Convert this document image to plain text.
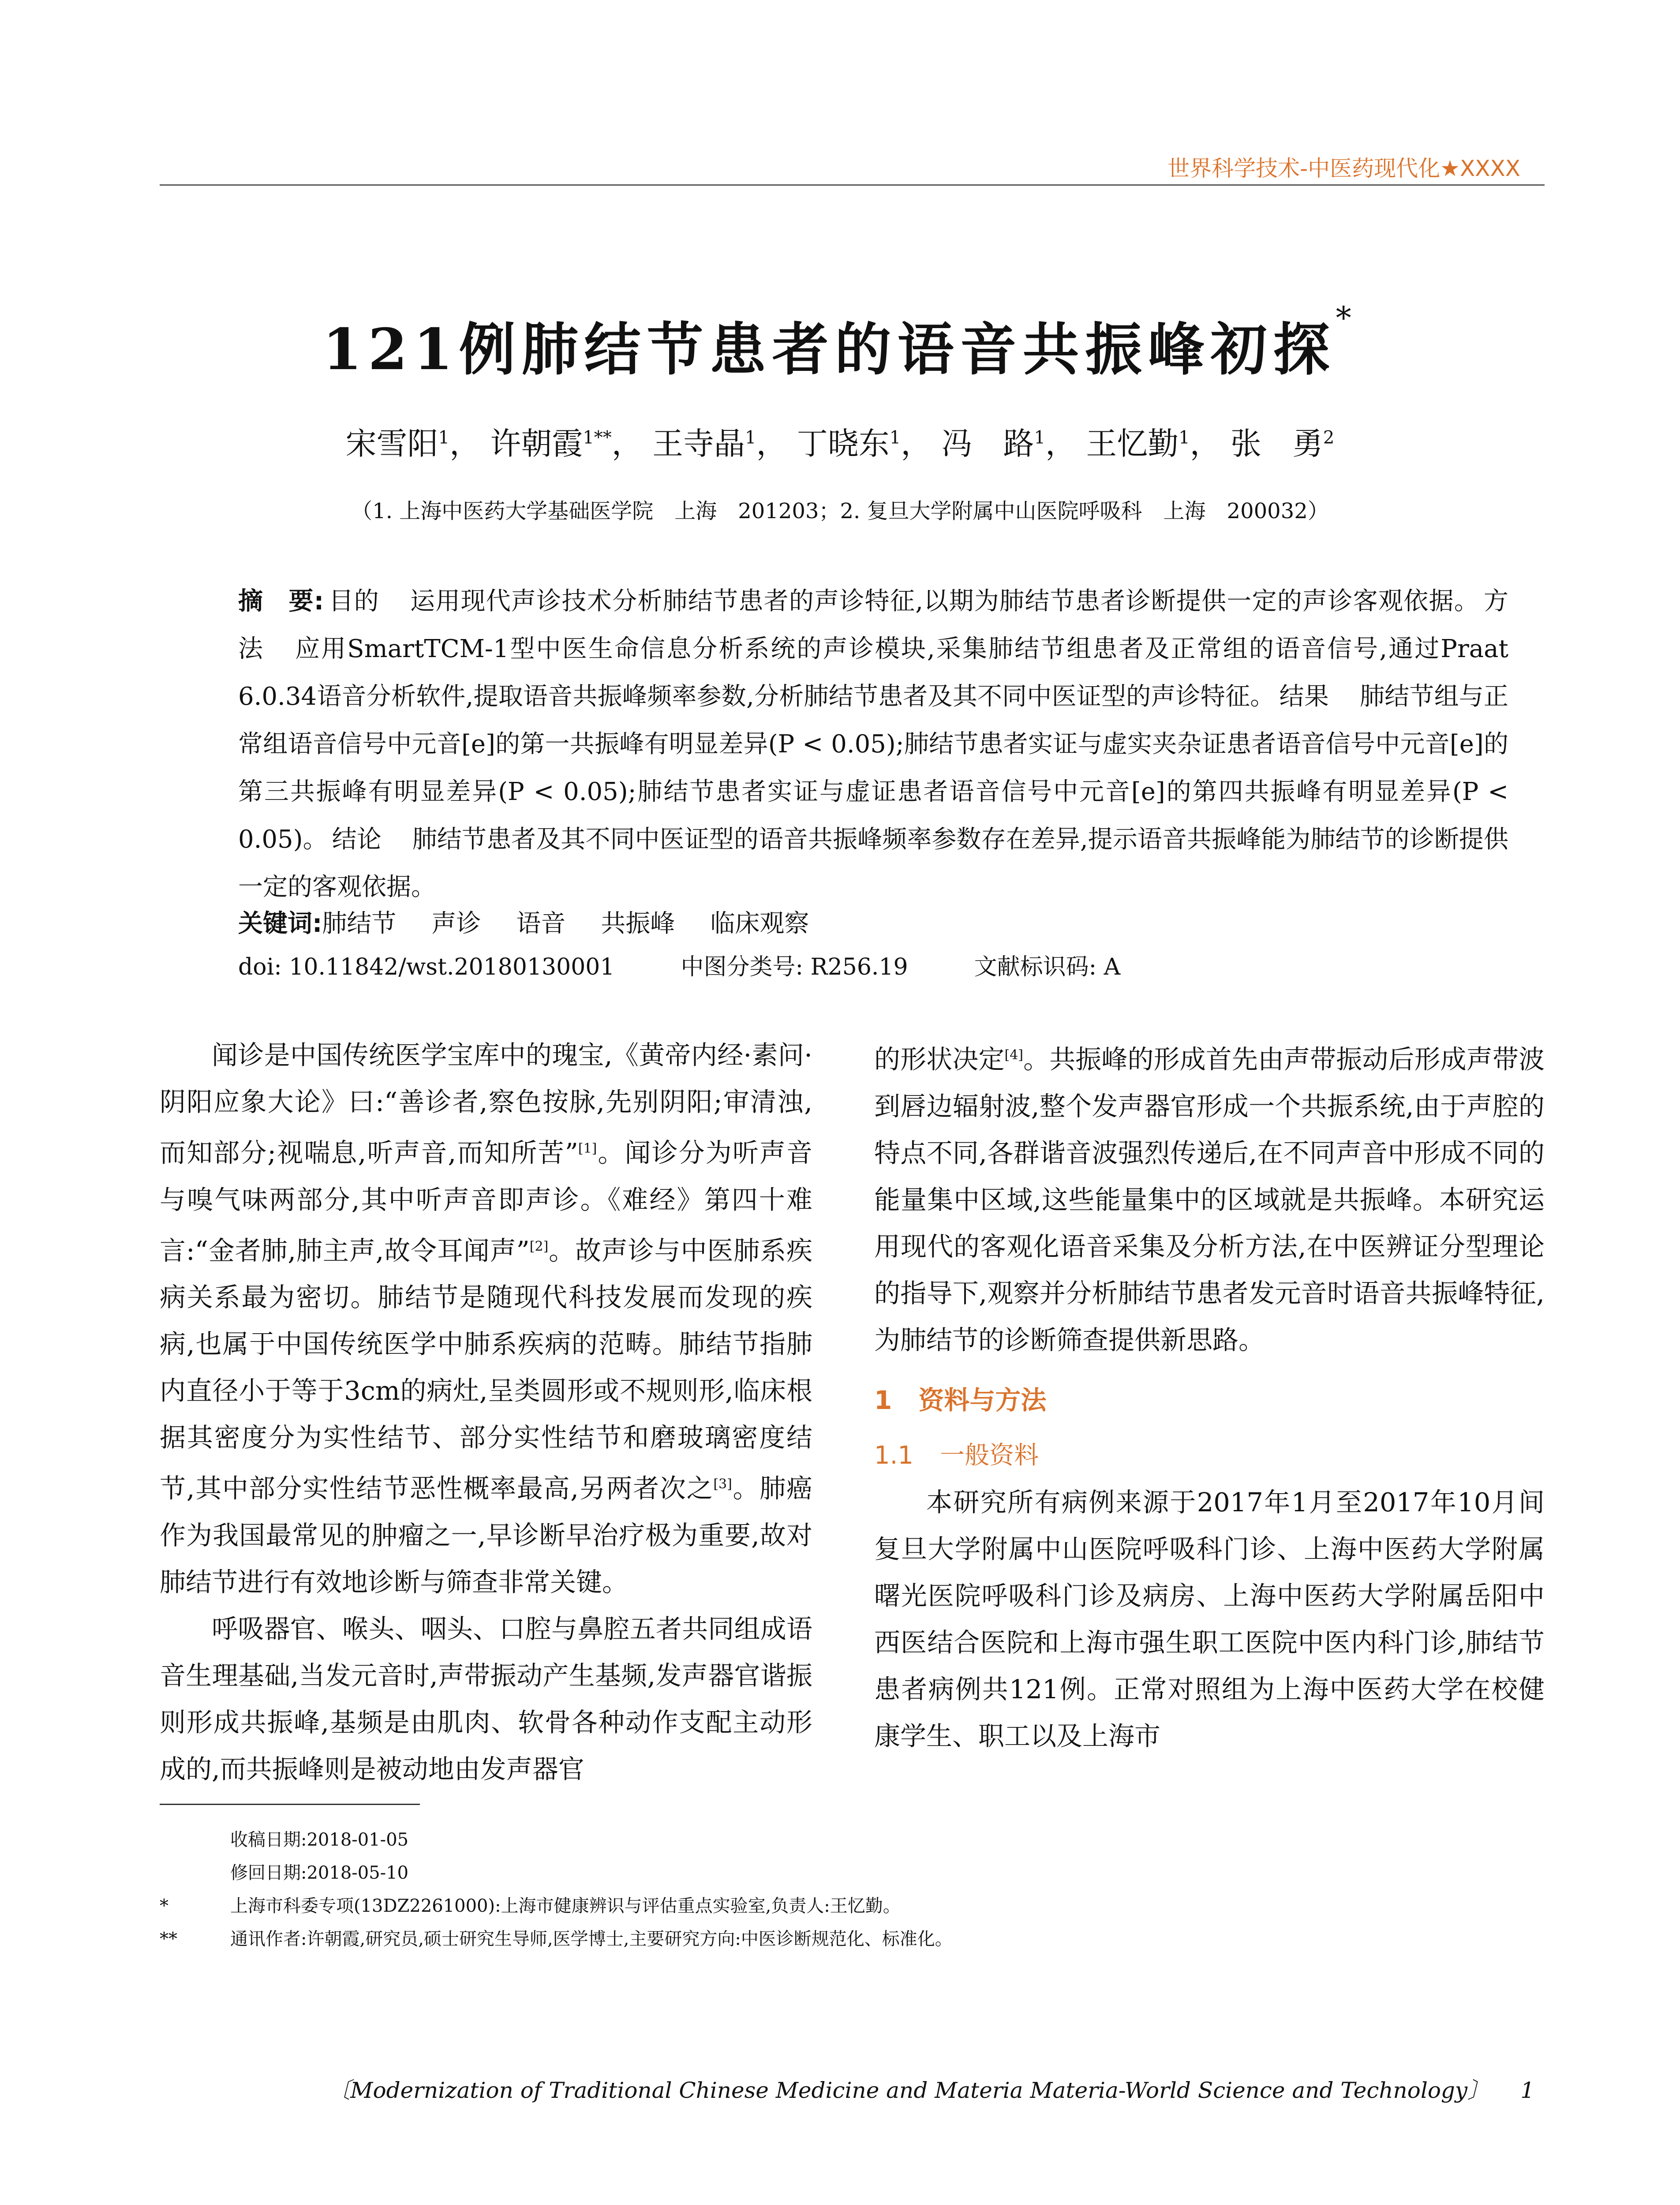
世界科学技术-中医药现代化★XXXX
121例肺结节患者的语音共振峰初探*
宋雪阳$^1$， 许朝霞$^{1**}$， 王寺晶$^1$， 丁晓东$^1$， 冯　路$^1$， 王忆勤$^1$， 张　勇$^2$
（1. 上海中医药大学基础医学院　上海　201203；2. 复旦大学附属中山医院呼吸科　上海　200032）
摘　要: 目的 运用现代声诊技术分析肺结节患者的声诊特征,以期为肺结节患者诊断提供一定的声诊客观依据。 方法 应用SmartTCM-1型中医生命信息分析系统的声诊模块,采集肺结节组患者及正常组的语音信号,通过Praat 6.0.34语音分析软件,提取语音共振峰频率参数,分析肺结节患者及其不同中医证型的声诊特征。 结果 肺结节组与正常组语音信号中元音[e]的第一共振峰有明显差异(P < 0.05);肺结节患者实证与虚实夹杂证患者语音信号中元音[e]的第三共振峰有明显差异(P < 0.05);肺结节患者实证与虚证患者语音信号中元音[e]的第四共振峰有明显差异(P < 0.05)。 结论 肺结节患者及其不同中医证型的语音共振峰频率参数存在差异,提示语音共振峰能为肺结节的诊断提供一定的客观依据。
关键词:肺结节 声诊 语音 共振峰 临床观察
doi: 10.11842/wst.20180130001	中图分类号: R256.19	文献标识码: A

闻诊是中国传统医学宝库中的瑰宝,《黄帝内经·素问·阴阳应象大论》曰:“善诊者,察色按脉,先别阴阳;审清浊,而知部分;视喘息,听声音,而知所苦”[1]。闻诊分为听声音与嗅气味两部分,其中听声音即声诊。《难经》第四十难言:“金者肺,肺主声,故令耳闻声”[2]。故声诊与中医肺系疾病关系最为密切。肺结节是随现代科技发展而发现的疾病,也属于中国传统医学中肺系疾病的范畴。肺结节指肺内直径小于等于3cm的病灶,呈类圆形或不规则形,临床根据其密度分为实性结节、部分实性结节和磨玻璃密度结节,其中部分实性结节恶性概率最高,另两者次之[3]。肺癌作为我国最常见的肿瘤之一,早诊断早治疗极为重要,故对肺结节进行有效地诊断与筛查非常关键。

呼吸器官、喉头、咽头、口腔与鼻腔五者共同组成语音生理基础,当发元音时,声带振动产生基频,发声器官谐振则形成共振峰,基频是由肌肉、软骨各种动作支配主动形成的,而共振峰则是被动地由发声器官

的形状决定[4]。共振峰的形成首先由声带振动后形成声带波到唇边辐射波,整个发声器官形成一个共振系统,由于声腔的特点不同,各群谐音波强烈传递后,在不同声音中形成不同的能量集中区域,这些能量集中的区域就是共振峰。本研究运用现代的客观化语音采集及分析方法,在中医辨证分型理论的指导下,观察并分析肺结节患者发元音时语音共振峰特征,为肺结节的诊断筛查提供新思路。

1 资料与方法
1.1 一般资料

本研究所有病例来源于2017年1月至2017年10月间复旦大学附属中山医院呼吸科门诊、上海中医药大学附属曙光医院呼吸科门诊及病房、上海中医药大学附属岳阳中西医结合医院和上海市强生职工医院中医内科门诊,肺结节患者病例共121例。正常对照组为上海中医药大学在校健康学生、职工以及上海市

收稿日期:2018-01-05
修回日期:2018-05-10
*	上海市科委专项(13DZ2261000):上海市健康辨识与评估重点实验室,负责人:王忆勤。
**	通讯作者:许朝霞,研究员,硕士研究生导师,医学博士,主要研究方向:中医诊断规范化、标准化。
〔Modernization of Traditional Chinese Medicine and Materia Materia-World Science and Technology〕 1
